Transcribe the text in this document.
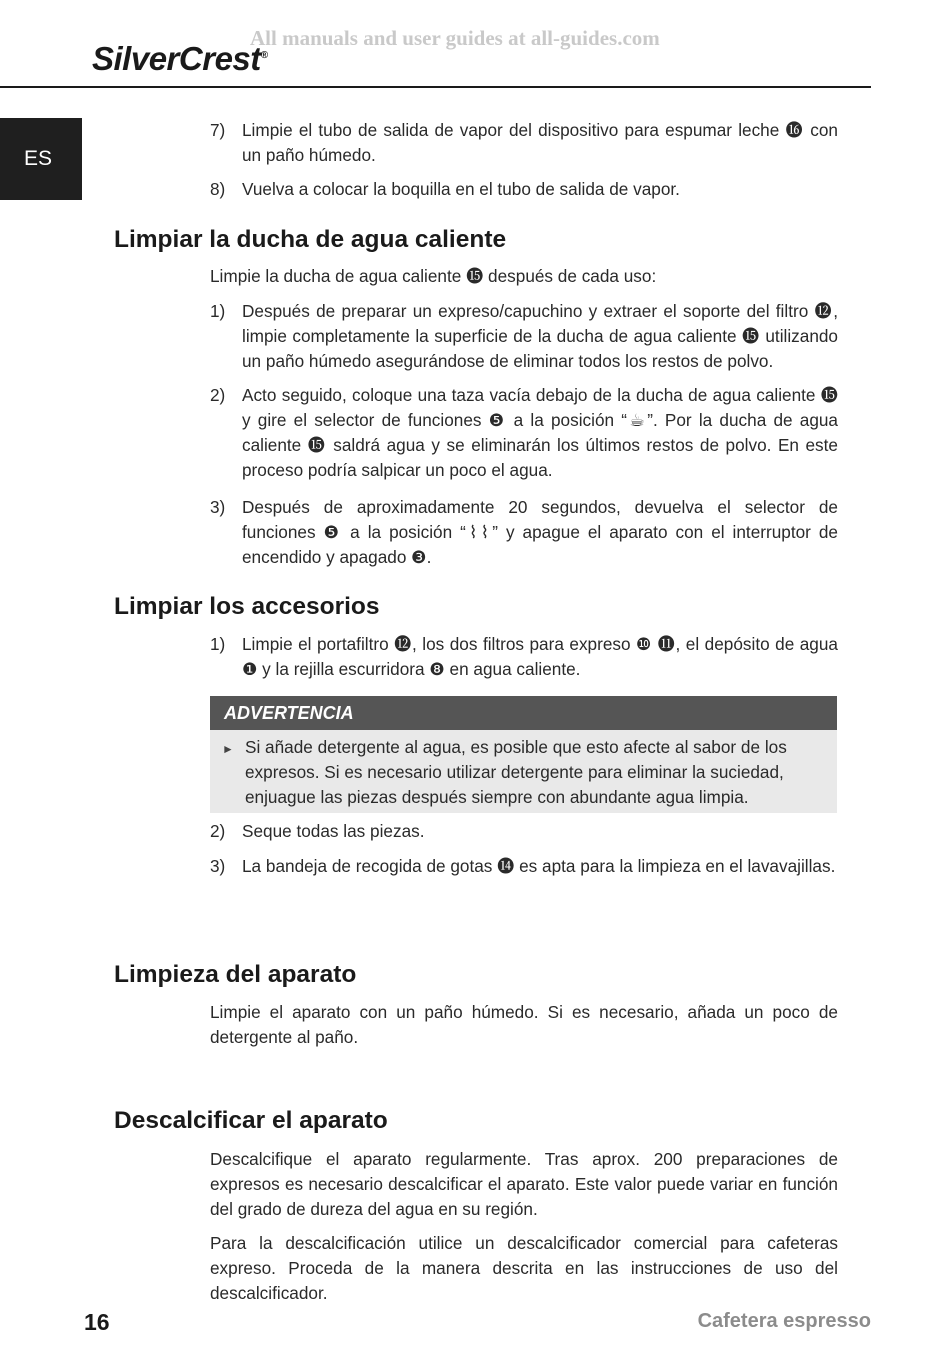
All manuals and user guides at all-guides.com
SilverCrest®
ES
7) Limpie el tubo de salida de vapor del dispositivo para espumar leche ⓰ con un paño húmedo.
8) Vuelva a colocar la boquilla en el tubo de salida de vapor.
Limpiar la ducha de agua caliente
Limpie la ducha de agua caliente ⓯ después de cada uso:
1) Después de preparar un expreso/capuchino y extraer el soporte del filtro ⓬, limpie completamente la superficie de la ducha de agua caliente ⓯ utilizando un paño húmedo asegurándose de eliminar todos los restos de polvo.
2) Acto seguido, coloque una taza vacía debajo de la ducha de agua caliente ⓯ y gire el selector de funciones ❺ a la posición “☕”. Por la ducha de agua caliente ⓯ saldrá agua y se eliminarán los últimos restos de polvo. En este proceso podría salpicar un poco el agua.
3) Después de aproximadamente 20 segundos, devuelva el selector de funciones ❺ a la posición “⌇⌇” y apague el aparato con el interruptor de encendido y apagado ❸.
Limpiar los accesorios
1) Limpie el portafiltro ⓬, los dos filtros para expreso ❿ ⓫, el depósito de agua ❶ y la rejilla escurridora ❽ en agua caliente.
ADVERTENCIA
► Si añade detergente al agua, es posible que esto afecte al sabor de los expresos. Si es necesario utilizar detergente para eliminar la suciedad, enjuague las piezas después siempre con abundante agua limpia.
2) Seque todas las piezas.
3) La bandeja de recogida de gotas ⓮ es apta para la limpieza en el lavavajillas.
Limpieza del aparato
Limpie el aparato con un paño húmedo. Si es necesario, añada un poco de detergente al paño.
Descalcificar el aparato
Descalcifique el aparato regularmente. Tras aprox. 200 preparaciones de expresos es necesario descalcificar el aparato. Este valor puede variar en función del grado de dureza del agua en su región.
Para la descalcificación utilice un descalcificador comercial para cafeteras expreso. Proceda de la manera descrita en las instrucciones de uso del descalcificador.
16	Cafetera espresso
